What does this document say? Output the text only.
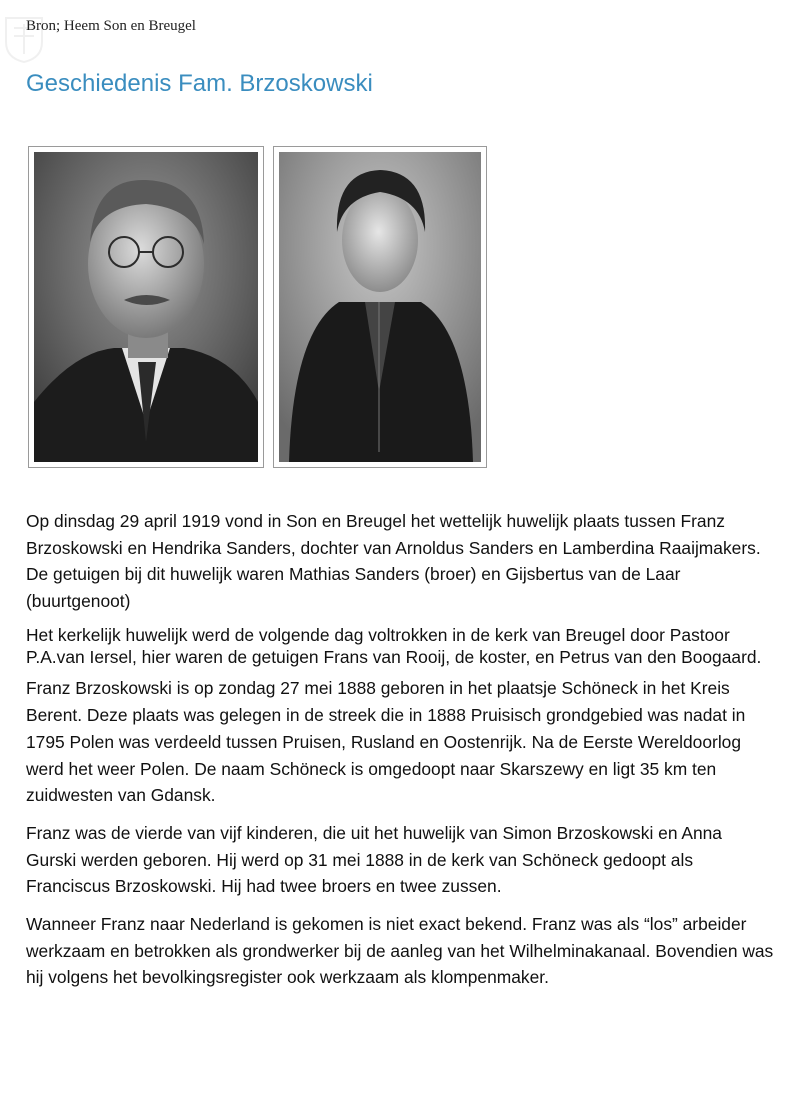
Bron; Heem Son en Breugel
Geschiedenis Fam. Brzoskowski

Op dinsdag 29 april 1919 vond in Son en Breugel het wettelijk huwelijk plaats tussen Franz Brzoskowski en Hendrika Sanders, dochter van Arnoldus Sanders en Lamberdina Raaijmakers. De getuigen bij dit huwelijk waren Mathias Sanders (broer) en Gijsbertus van de Laar (buurtgenoot)

Het kerkelijk huwelijk werd de volgende dag voltrokken in de kerk van Breugel door Pastoor P.A.van Iersel, hier waren de getuigen Frans van Rooij, de koster, en Petrus van den Boogaard.

Franz Brzoskowski is op zondag 27 mei 1888 geboren in het plaatsje Schöneck in het Kreis Berent. Deze plaats was gelegen in de streek die in 1888 Pruisisch grondgebied was nadat in 1795 Polen was verdeeld tussen Pruisen, Rusland en Oostenrijk. Na de Eerste Wereldoorlog werd het weer Polen. De naam Schöneck is omgedoopt naar Skarszewy en ligt 35 km ten zuidwesten van Gdansk.

Franz was de vierde van vijf kinderen, die uit het huwelijk van Simon Brzoskowski en Anna Gurski werden geboren. Hij werd op 31 mei 1888 in de kerk van Schöneck gedoopt als Franciscus Brzoskowski. Hij had twee broers en twee zussen.

Wanneer Franz naar Nederland is gekomen is niet exact bekend. Franz was als “los” arbeider werkzaam en betrokken als grondwerker bij de aanleg van het Wilhelminakanaal. Bovendien was hij volgens het bevolkingsregister ook werkzaam als klompenmaker.
